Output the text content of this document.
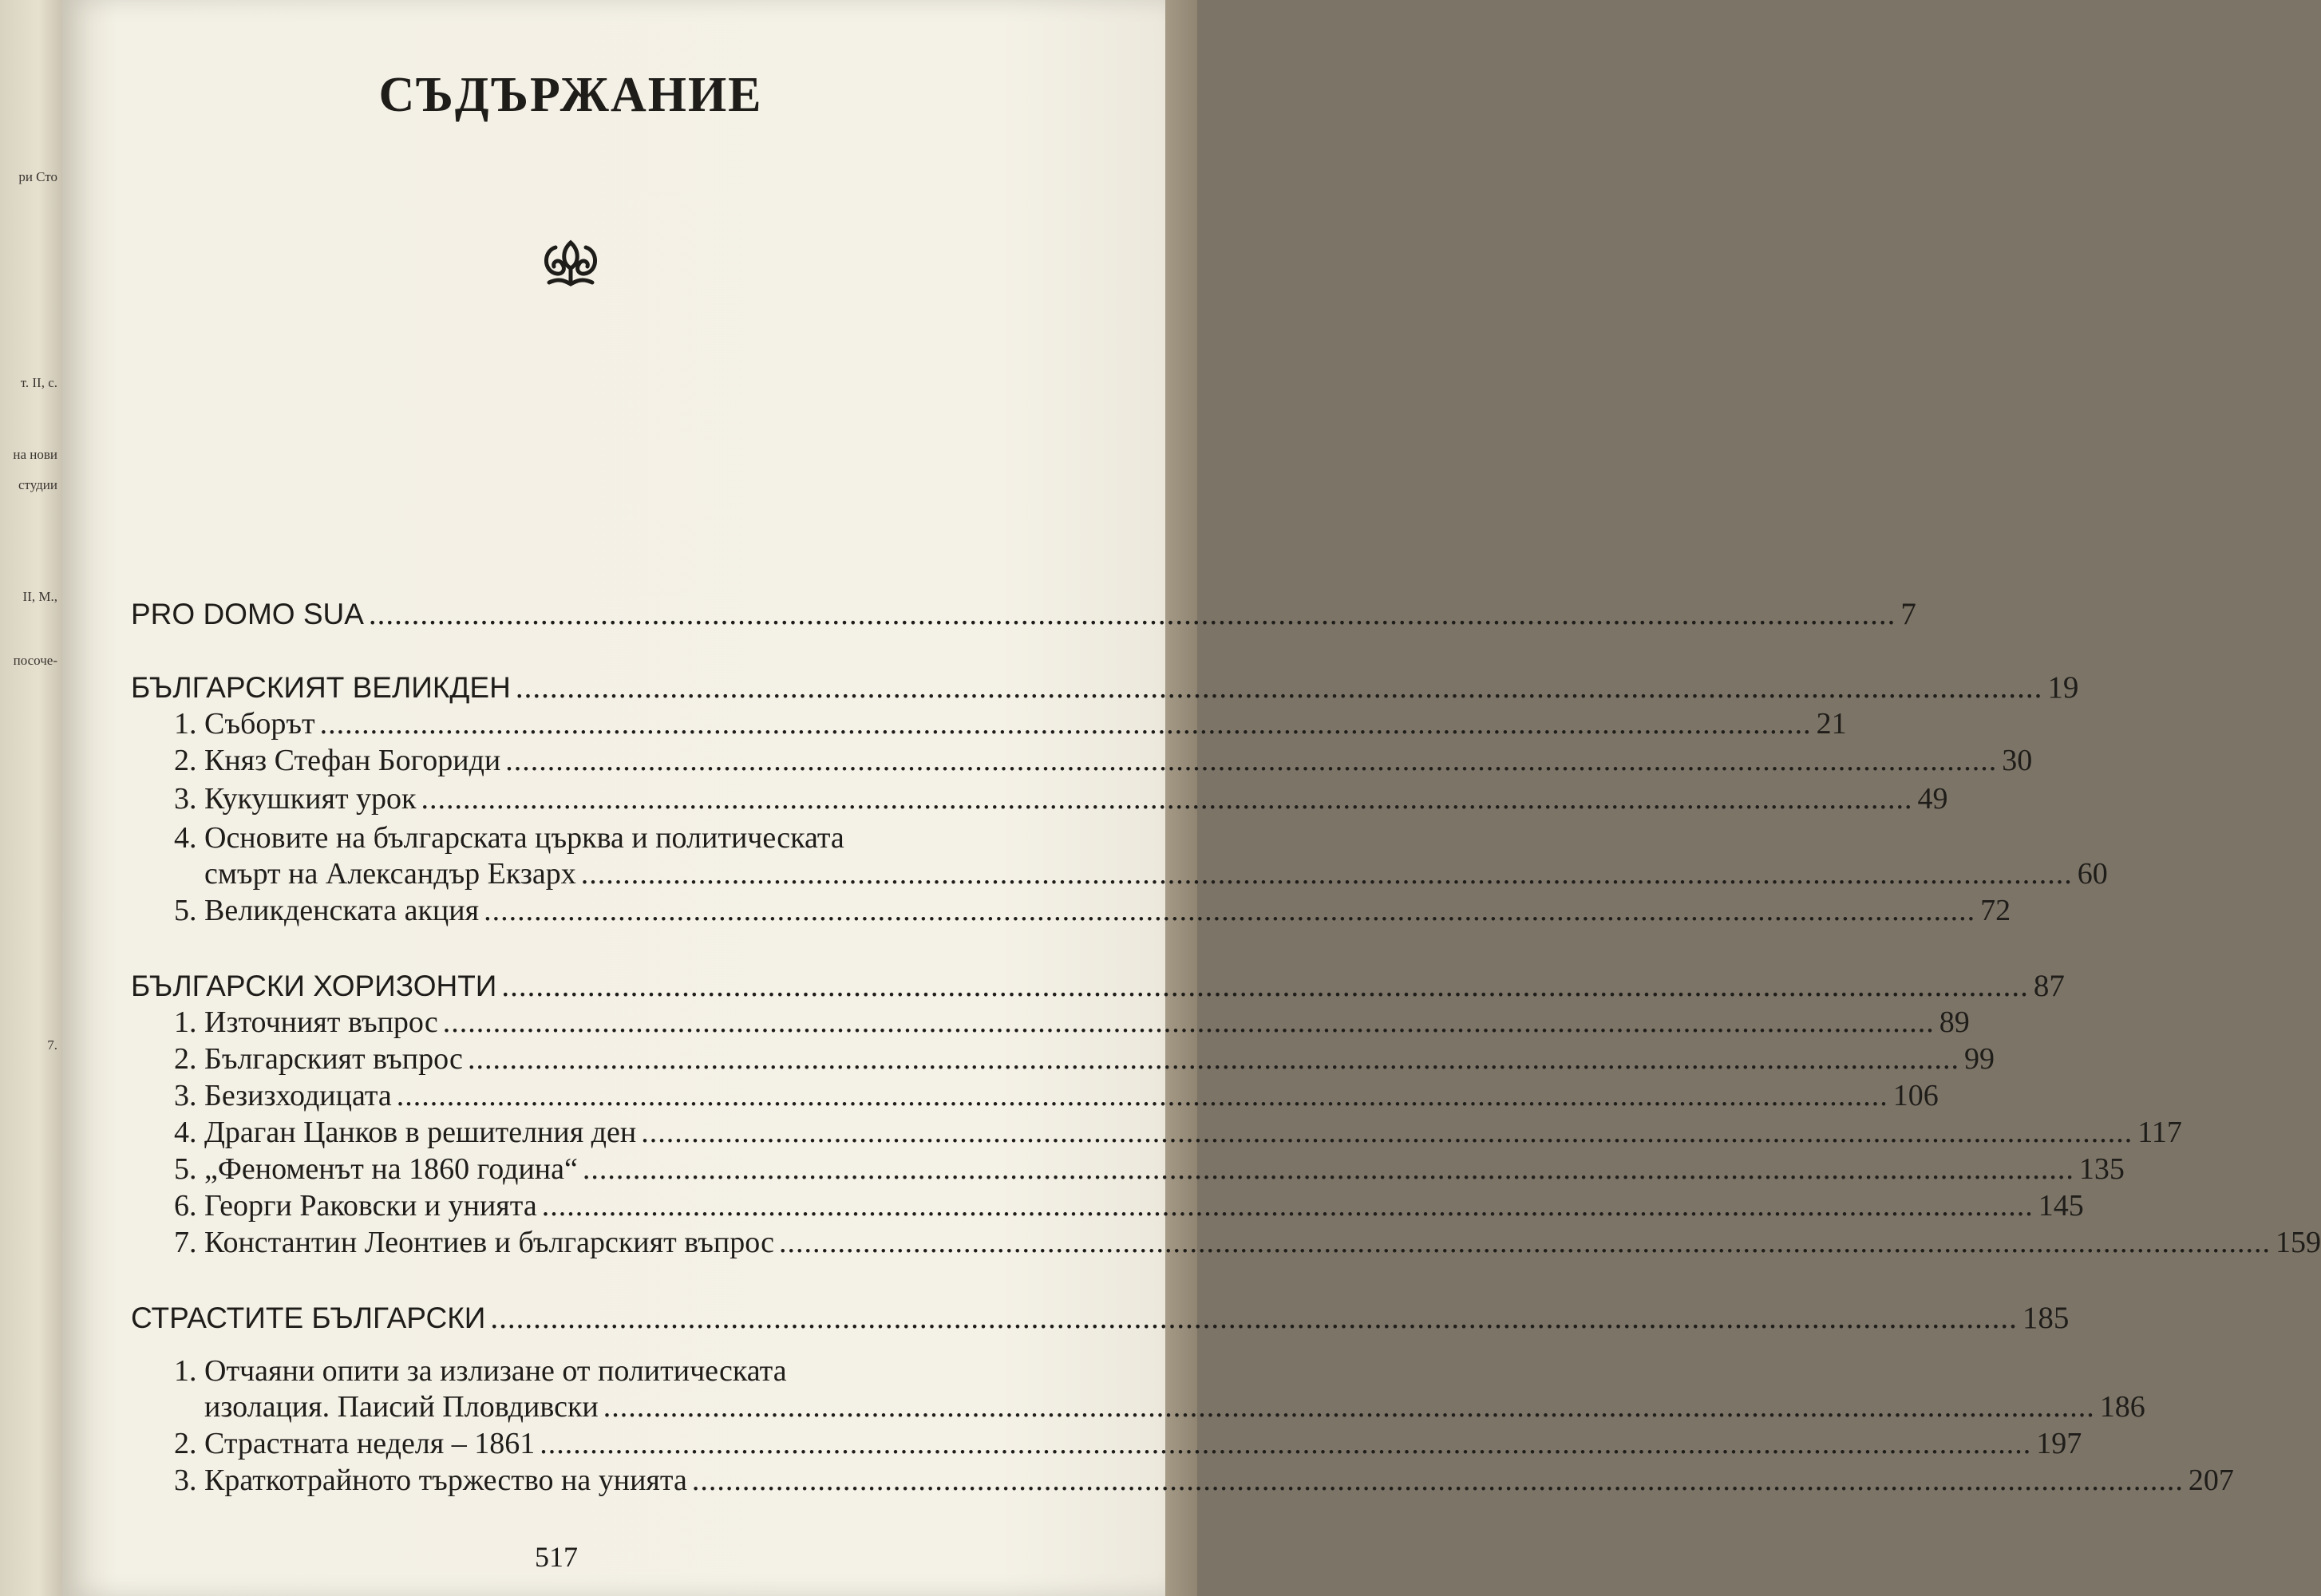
ри Сто
т. II, с.
на нови
студии
II, М.,
посоче-
7.
СЪДЪРЖАНИЕ
PRO DOMO SUA .................................................................................................................................................................................. 7
БЪЛГАРСКИЯТ ВЕЛИКДЕН .................................................................................................................................................................................. 19
1. Съборът .................................................................................................................................................................................. 21
2. Княз Стефан Богориди .................................................................................................................................................................................. 30
3. Кукушкият урок .................................................................................................................................................................................. 49
4. Основите на българската църква и политическата
смърт на Александър Екзарх .................................................................................................................................................................................. 60
5. Великденската акция .................................................................................................................................................................................. 72
БЪЛГАРСКИ ХОРИЗОНТИ .................................................................................................................................................................................. 87
1. Източният въпрос .................................................................................................................................................................................. 89
2. Българският въпрос .................................................................................................................................................................................. 99
3. Безизходицата .................................................................................................................................................................................. 106
4. Драган Цанков в решителния ден .................................................................................................................................................................................. 117
5. „Феноменът на 1860 година“ .................................................................................................................................................................................. 135
6. Георги Раковски и унията .................................................................................................................................................................................. 145
7. Константин Леонтиев и българският въпрос .................................................................................................................................................................................. 159
СТРАСТИТЕ БЪЛГАРСКИ .................................................................................................................................................................................. 185
1. Отчаяни опити за излизане от политическата
изолация. Паисий Пловдивски .................................................................................................................................................................................. 186
2. Страстната неделя – 1861 .................................................................................................................................................................................. 197
3. Краткотрайното тържество на унията .................................................................................................................................................................................. 207
517
